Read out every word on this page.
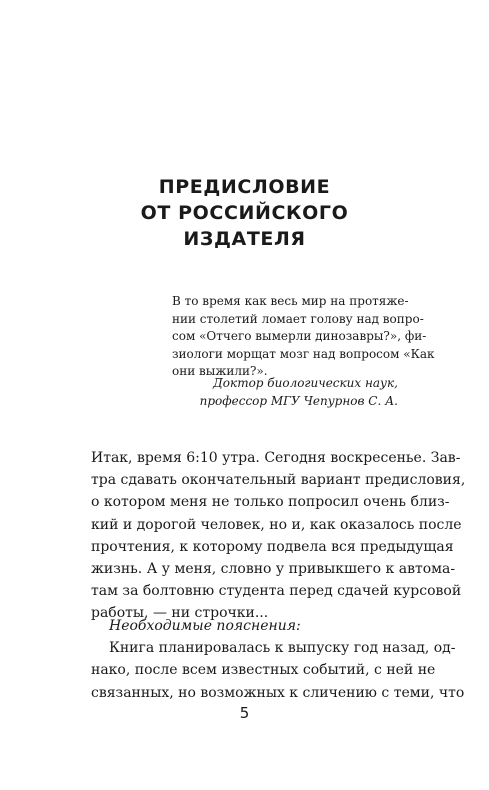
ПРЕДИСЛОВИЕ
ОТ РОССИЙСКОГО
ИЗДАТЕЛЯ
В то время как весь мир на протяже-
нии столетий ломает голову над вопро-
сом «Отчего вымерли динозавры?», фи-
зиологи морщат мозг над вопросом «Как
они выжили?».
Доктор биологических наук,
профессор МГУ Чепурнов С. А.
Итак, время 6:10 утра. Сегодня воскресенье. Зав-
тра сдавать окончательный вариант предисловия,
о котором меня не только попросил очень близ-
кий и дорогой человек, но и, как оказалось после
прочтения, к которому подвела вся предыдущая
жизнь. А у меня, словно у привыкшего к автома-
там за болтовню студента перед сдачей курсовой
работы, — ни строчки...
Необходимые пояснения:
Книга планировалась к выпуску год назад, од-
нако, после всем известных событий, с ней не
связанных, но возможных к сличению с теми, что
5
